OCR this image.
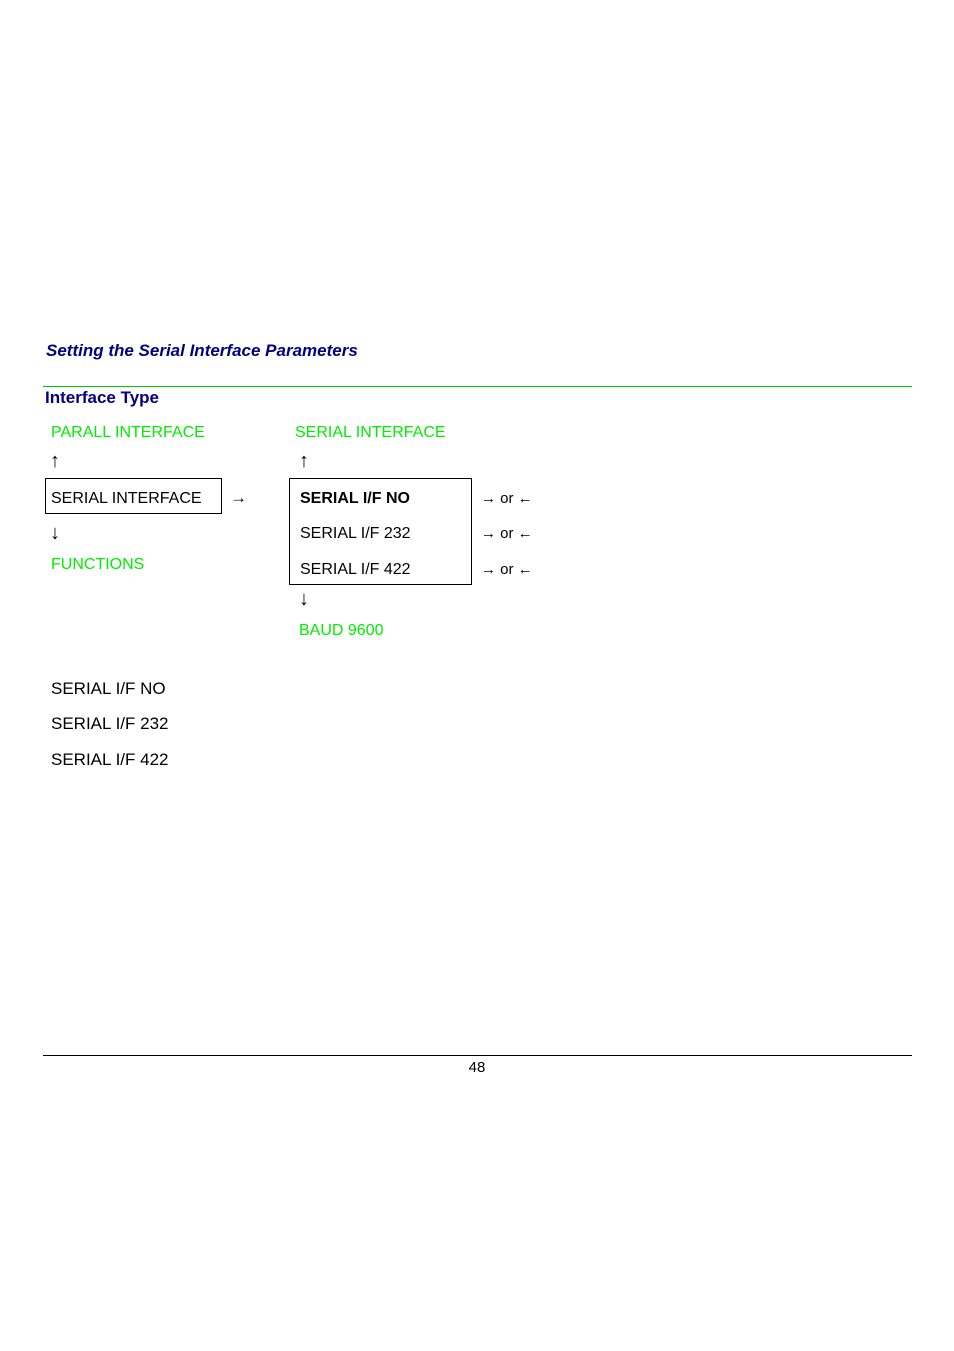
Setting the Serial Interface Parameters
Interface Type
PARALL INTERFACE
↑
SERIAL INTERFACE →
↓
FUNCTIONS
SERIAL INTERFACE
↑
SERIAL I/F NO
SERIAL I/F 232
SERIAL I/F 422
→ or ←
→ or ←
→ or ←
↓
BAUD 9600
SERIAL I/F NO
SERIAL I/F 232
SERIAL I/F 422
48
